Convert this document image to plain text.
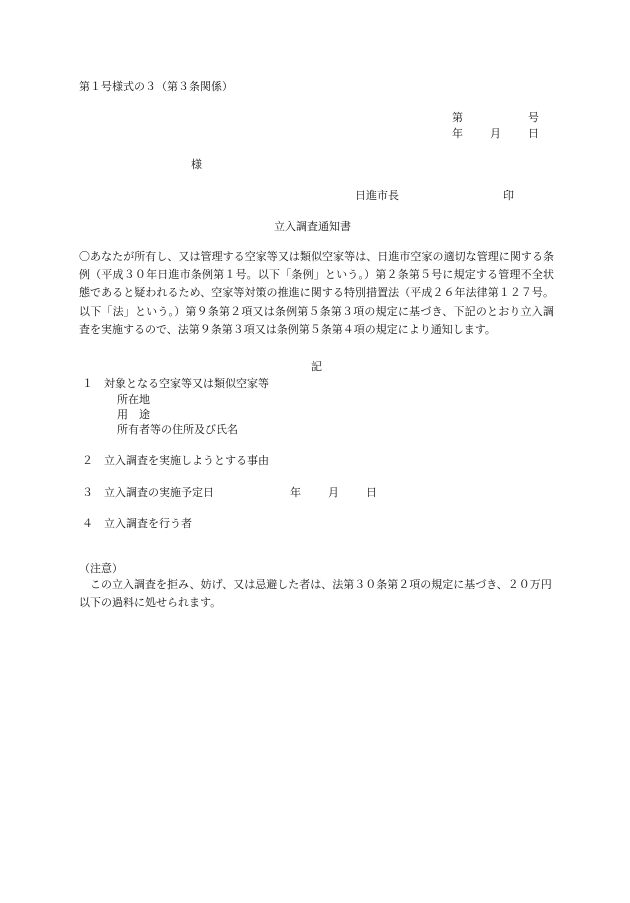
第１号様式の３（第３条関係）
第	号
年 月 日
様
日進市長	印
立入調査通知書
〇あなたが所有し、又は管理する空家等又は類似空家等は、日進市空家の適切な管理に関する条例（平成３０年日進市条例第１号。以下「条例」という。）第２条第５号に規定する管理不全状態であると疑われるため、空家等対策の推進に関する特別措置法（平成２６年法律第１２７号。以下「法」という。）第９条第２項又は条例第５条第３項の規定に基づき、下記のとおり立入調査を実施するので、法第９条第３項又は条例第５条第４項の規定により通知します。
記
１ 対象となる空家等又は類似空家等
所在地
用　途
所有者等の住所及び氏名
２ 立入調査を実施しようとする事由
３ 立入調査の実施予定日	年 月 日
４ 立入調査を行う者
（注意）
この立入調査を拒み、妨げ、又は忌避した者は、法第３０条第２項の規定に基づき、２０万円以下の過料に処せられます。
